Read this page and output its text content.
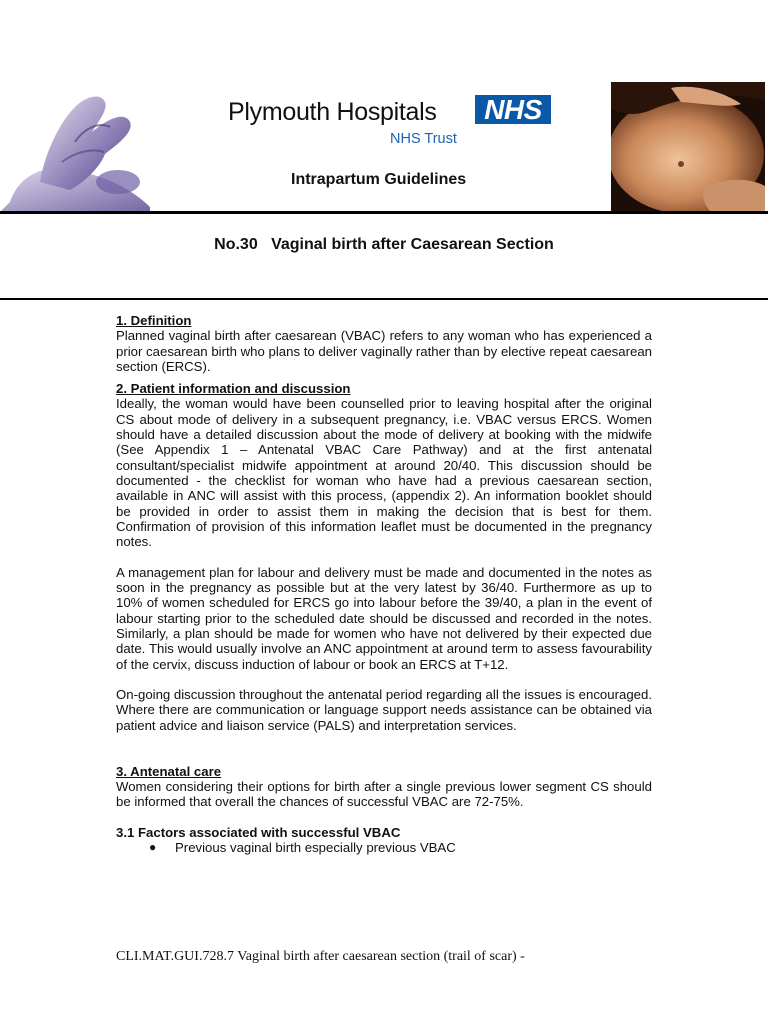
Plymouth Hospitals	NHS
NHS Trust
Intrapartum Guidelines
No.30   Vaginal birth after Caesarean Section
1. Definition

Planned vaginal birth after caesarean (VBAC) refers to any woman who has experienced a prior caesarean birth who plans to deliver vaginally rather than by elective repeat caesarean section (ERCS).

2. Patient information and discussion

Ideally, the woman would have been counselled prior to leaving hospital after the original CS about mode of delivery in a subsequent pregnancy, i.e. VBAC versus ERCS. Women should have a detailed discussion about the mode of delivery at booking with the midwife (See Appendix 1 – Antenatal VBAC Care Pathway) and at the first antenatal consultant/specialist midwife appointment at around 20/40. This discussion should be documented - the checklist for woman who have had a previous caesarean section, available in ANC will assist with this process, (appendix 2). An information booklet should be provided in order to assist them in making the decision that is best for them. Confirmation of provision of this information leaflet must be documented in the pregnancy notes.

A management plan for labour and delivery must be made and documented in the notes as soon in the pregnancy as possible but at the very latest by 36/40. Furthermore as up to 10% of women scheduled for ERCS go into labour before the 39/40, a plan in the event of labour starting prior to the scheduled date should be discussed and recorded in the notes. Similarly, a plan should be made for women who have not delivered by their expected due date. This would usually involve an ANC appointment at around term to assess favourability of the cervix, discuss induction of labour or book an ERCS at T+12.

On-going discussion throughout the antenatal period regarding all the issues is encouraged. Where there are communication or language support needs assistance can be obtained via patient advice and liaison service (PALS) and interpretation services.

3. Antenatal care

Women considering their options for birth after a single previous lower segment CS should be informed that overall the chances of successful VBAC are 72-75%.

3.1 Factors associated with successful VBAC
● Previous vaginal birth especially previous VBAC
CLI.MAT.GUI.728.7 Vaginal birth after caesarean section (trail of scar) -
